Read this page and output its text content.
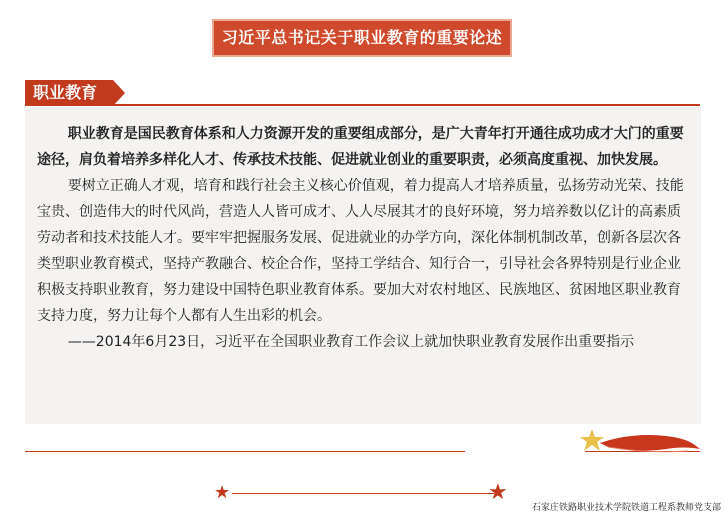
习近平总书记关于职业教育的重要论述
职业教育

职业教育是国民教育体系和人力资源开发的重要组成部分，是广大青年打开通往成功成才大门的重要途径，肩负着培养多样化人才、传承技术技能、促进就业创业的重要职责，必须高度重视、加快发展。

要树立正确人才观，培育和践行社会主义核心价值观，着力提高人才培养质量，弘扬劳动光荣、技能宝贵、创造伟大的时代风尚，营造人人皆可成才、人人尽展其才的良好环境，努力培养数以亿计的高素质劳动者和技术技能人才。要牢牢把握服务发展、促进就业的办学方向，深化体制机制改革，创新各层次各类型职业教育模式，坚持产教融合、校企合作，坚持工学结合、知行合一，引导社会各界特别是行业企业积极支持职业教育，努力建设中国特色职业教育体系。要加大对农村地区、民族地区、贫困地区职业教育支持力度，努力让每个人都有人生出彩的机会。

——2014年6月23日，习近平在全国职业教育工作会议上就加快职业教育发展作出重要指示

★	★
石家庄铁路职业技术学院铁道工程系教师党支部
